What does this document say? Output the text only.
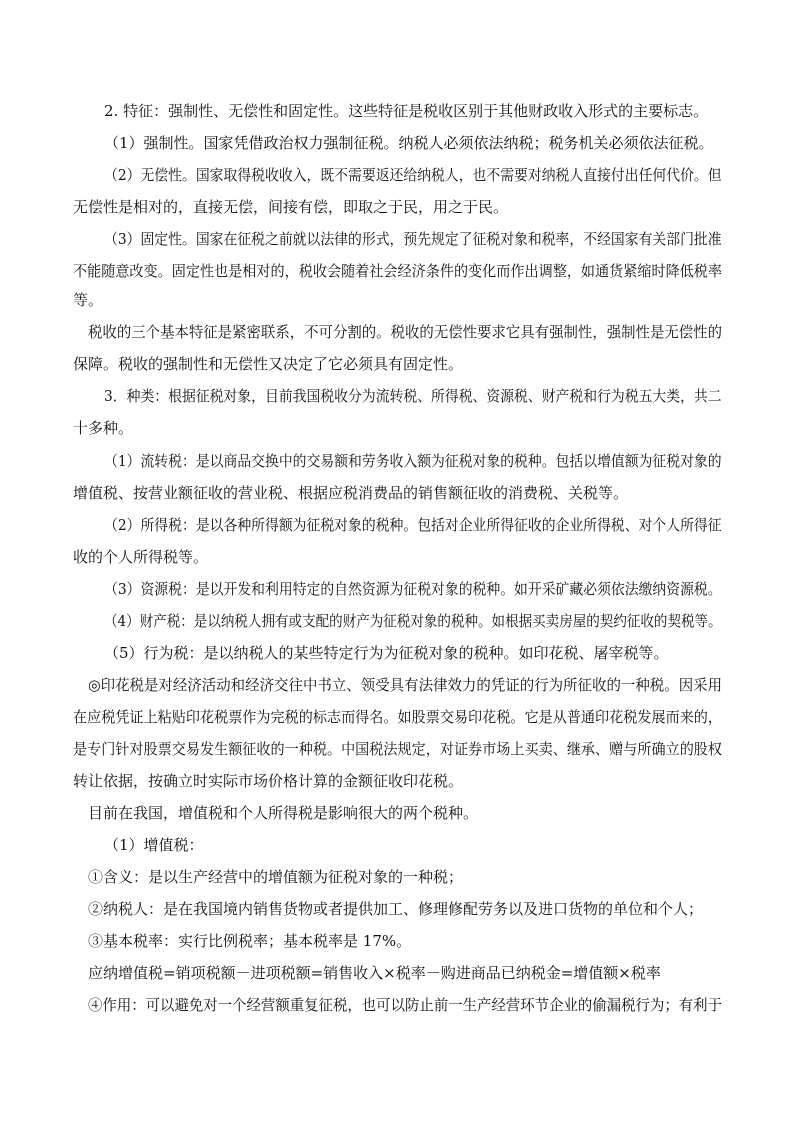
2. 特征：强制性、无偿性和固定性。这些特征是税收区别于其他财政收入形式的主要标志。
（1）强制性。国家凭借政治权力强制征税。纳税人必须依法纳税；税务机关必须依法征税。
（2）无偿性。国家取得税收收入，既不需要返还给纳税人，也不需要对纳税人直接付出任何代价。但
无偿性是相对的，直接无偿，间接有偿，即取之于民，用之于民。
（3）固定性。国家在征税之前就以法律的形式，预先规定了征税对象和税率，不经国家有关部门批准
不能随意改变。固定性也是相对的，税收会随着社会经济条件的变化而作出调整，如通货紧缩时降低税率
等。
税收的三个基本特征是紧密联系，不可分割的。税收的无偿性要求它具有强制性，强制性是无偿性的
保障。税收的强制性和无偿性又决定了它必须具有固定性。
3．种类：根据征税对象，目前我国税收分为流转税、所得税、资源税、财产税和行为税五大类，共二
十多种。
（1）流转税：是以商品交换中的交易额和劳务收入额为征税对象的税种。包括以增值额为征税对象的
增值税、按营业额征收的营业税、根据应税消费品的销售额征收的消费税、关税等。
（2）所得税：是以各种所得额为征税对象的税种。包括对企业所得征收的企业所得税、对个人所得征
收的个人所得税等。
（3）资源税：是以开发和利用特定的自然资源为征税对象的税种。如开采矿藏必须依法缴纳资源税。
（4）财产税：是以纳税人拥有或支配的财产为征税对象的税种。如根据买卖房屋的契约征收的契税等。
（5）行为税：是以纳税人的某些特定行为为征税对象的税种。如印花税、屠宰税等。
◎印花税是对经济活动和经济交往中书立、领受具有法律效力的凭证的行为所征收的一种税。因采用
在应税凭证上粘贴印花税票作为完税的标志而得名。如股票交易印花税。它是从普通印花税发展而来的，
是专门针对股票交易发生额征收的一种税。中国税法规定，对证券市场上买卖、继承、赠与所确立的股权
转让依据，按确立时实际市场价格计算的金额征收印花税。
目前在我国，增值税和个人所得税是影响很大的两个税种。
（1）增值税：
①含义：是以生产经营中的增值额为征税对象的一种税；
②纳税人：是在我国境内销售货物或者提供加工、修理修配劳务以及进口货物的单位和个人；
③基本税率：实行比例税率；基本税率是 17%。
应纳增值税=销项税额－进项税额=销售收入×税率－购进商品已纳税金=增值额×税率
④作用：可以避免对一个经营额重复征税，也可以防止前一生产经营环节企业的偷漏税行为；有利于
